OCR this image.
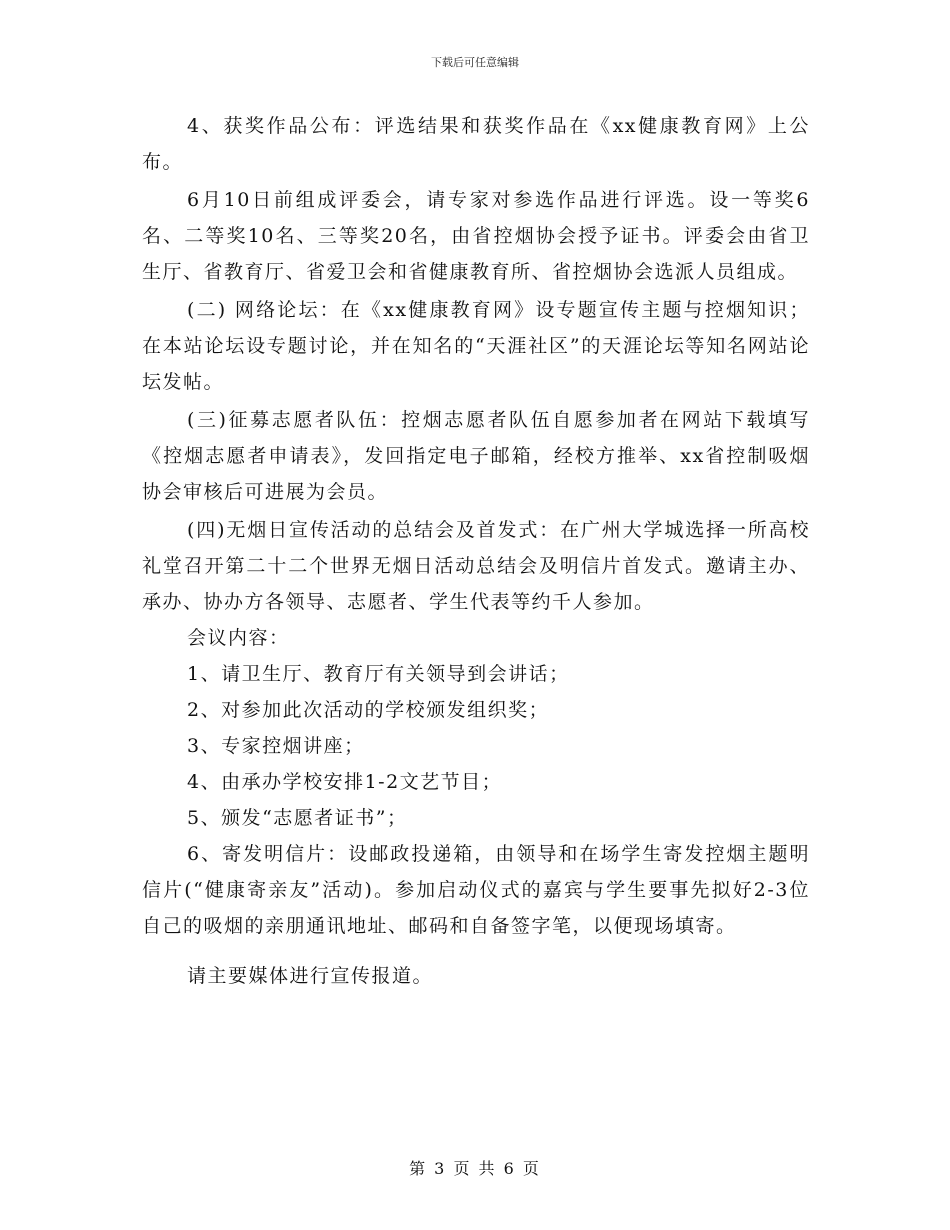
下载后可任意编辑

4、获奖作品公布：评选结果和获奖作品在《xx健康教育网》上公布。

6月10日前组成评委会，请专家对参选作品进行评选。设一等奖6名、二等奖10名、三等奖20名，由省控烟协会授予证书。评委会由省卫生厅、省教育厅、省爱卫会和省健康教育所、省控烟协会选派人员组成。

(二) 网络论坛：在《xx健康教育网》设专题宣传主题与控烟知识；在本站论坛设专题讨论，并在知名的“天涯社区”的天涯论坛等知名网站论坛发帖。

(三)征募志愿者队伍：控烟志愿者队伍自愿参加者在网站下载填写《控烟志愿者申请表》，发回指定电子邮箱，经校方推举、xx省控制吸烟协会审核后可进展为会员。

(四)无烟日宣传活动的总结会及首发式：在广州大学城选择一所高校礼堂召开第二十二个世界无烟日活动总结会及明信片首发式。邀请主办、承办、协办方各领导、志愿者、学生代表等约千人参加。

会议内容：

1、请卫生厅、教育厅有关领导到会讲话；

2、对参加此次活动的学校颁发组织奖；

3、专家控烟讲座；

4、由承办学校安排1-2文艺节目；

5、颁发“志愿者证书”；

6、寄发明信片：设邮政投递箱，由领导和在场学生寄发控烟主题明信片(“健康寄亲友”活动)。参加启动仪式的嘉宾与学生要事先拟好2-3位自己的吸烟的亲朋通讯地址、邮码和自备签字笔，以便现场填寄。

请主要媒体进行宣传报道。

第 3 页 共 6 页
